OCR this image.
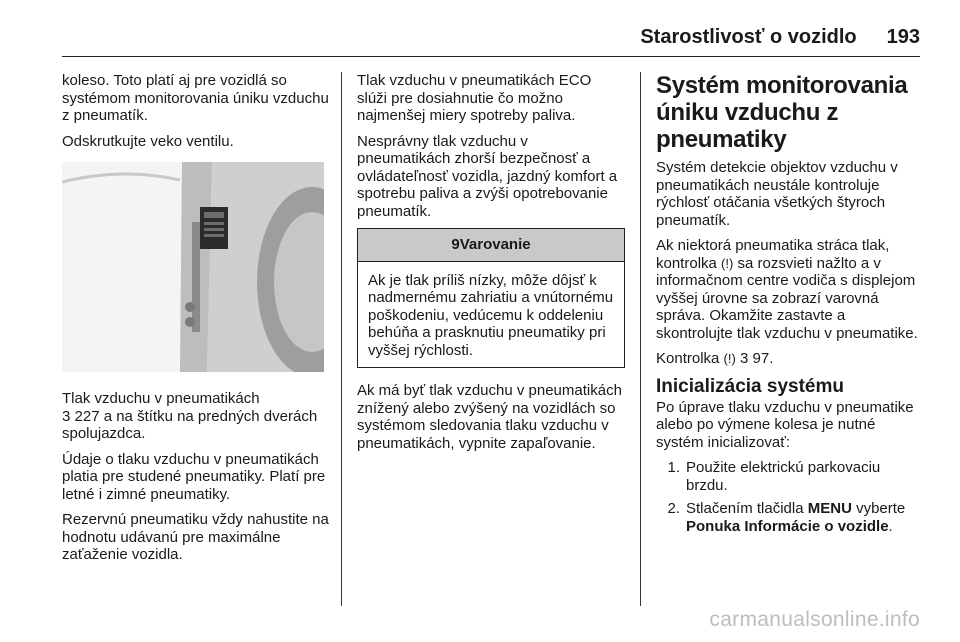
Starostlivosť o vozidlo 193

koleso. Toto platí aj pre vozidlá so systémom monitorovania úniku vzduchu z pneumatík.

Odskrutkujte veko ventilu.

Tlak vzduchu v pneumatikách
3 227 a na štítku na predných dverách spolujazdca.

Údaje o tlaku vzduchu v pneumatikách platia pre studené pneumatiky. Platí pre letné i zimné pneumatiky.

Rezervnú pneumatiku vždy nahustite na hodnotu udávanú pre maximálne zaťaženie vozidla.

Tlak vzduchu v pneumatikách ECO slúži pre dosiahnutie čo možno najmenšej miery spotreby paliva.

Nesprávny tlak vzduchu v pneumatikách zhorší bezpečnosť a ovládateľnosť vozidla, jazdný komfort a spotrebu paliva a zvýši opotrebovanie pneumatík.

9Varovanie
Ak je tlak príliš nízky, môže dôjsť k nadmernému zahriatiu a vnútornému poškodeniu, vedúcemu k oddeleniu behúňa a prasknutiu pneumatiky pri vyššej rýchlosti.

Ak má byť tlak vzduchu v pneumatikách znížený alebo zvýšený na vozidlách so systémom sledovania tlaku vzduchu v pneumatikách, vypnite zapaľovanie.

Systém monitorovania úniku vzduchu z pneumatiky

Systém detekcie objektov vzduchu v pneumatikách neustále kontroluje rýchlosť otáčania všetkých štyroch pneumatík.

Ak niektorá pneumatika stráca tlak, kontrolka (!) sa rozsvieti nažlto a v informačnom centre vodiča s displejom vyššej úrovne sa zobrazí varovná správa. Okamžite zastavte a skontrolujte tlak vzduchu v pneumatike.

Kontrolka (!) 3 97.

Inicializácia systému

Po úprave tlaku vzduchu v pneumatike alebo po výmene kolesa je nutné systém inicializovať:

1. Použite elektrickú parkovaciu brzdu.
2. Stlačením tlačidla MENU vyberte Ponuka Informácie o vozidle.
carmanualsonline.info
